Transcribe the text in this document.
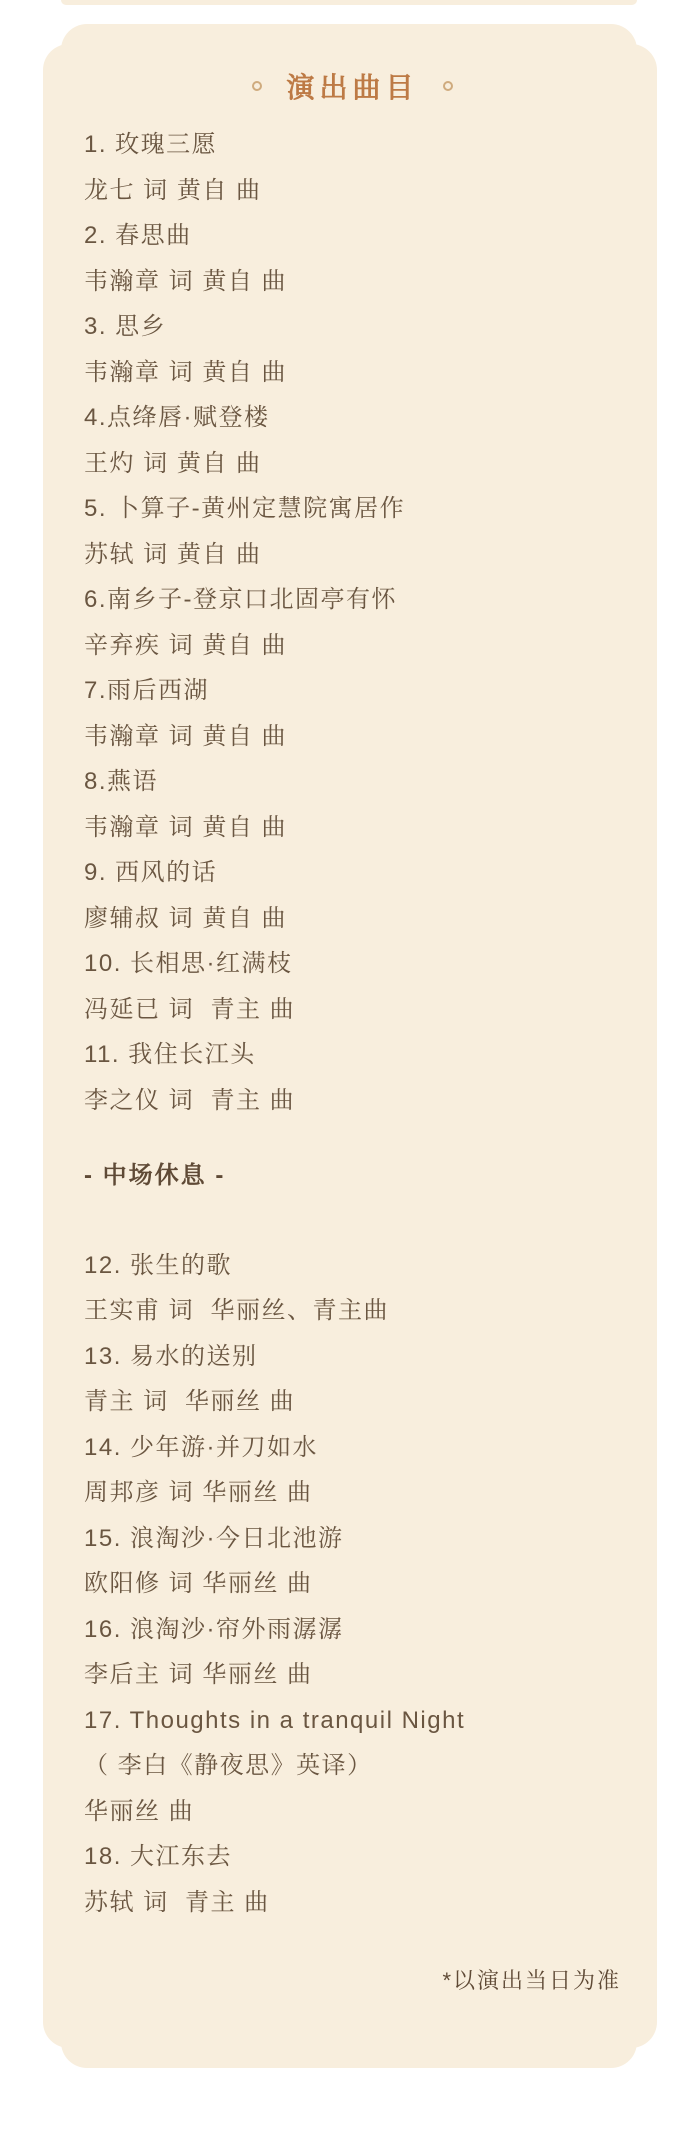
演出曲目
1. 玫瑰三愿
龙七 词 黄自 曲
2. 春思曲
韦瀚章 词 黄自 曲
3. 思乡
韦瀚章 词 黄自 曲
4.点绛唇·赋登楼
王灼 词 黄自 曲
5. 卜算子-黄州定慧院寓居作
苏轼 词 黄自 曲
6.南乡子-登京口北固亭有怀
辛弃疾 词 黄自 曲
7.雨后西湖
韦瀚章 词 黄自 曲
8.燕语
韦瀚章 词 黄自 曲
9. 西风的话
廖辅叔 词 黄自 曲
10. 长相思·红满枝
冯延已 词  青主 曲
11. 我住长江头
李之仪 词  青主 曲
- 中场休息 -
12. 张生的歌
王实甫 词  华丽丝、青主曲
13. 易水的送别
青主 词  华丽丝 曲
14. 少年游·并刀如水
周邦彦 词 华丽丝 曲
15. 浪淘沙·今日北池游
欧阳修 词 华丽丝 曲
16. 浪淘沙·帘外雨潺潺
李后主 词 华丽丝 曲
17. Thoughts in a tranquil Night
（ 李白《静夜思》英译）
华丽丝 曲
18. 大江东去
苏轼 词  青主 曲
*以演出当日为准
